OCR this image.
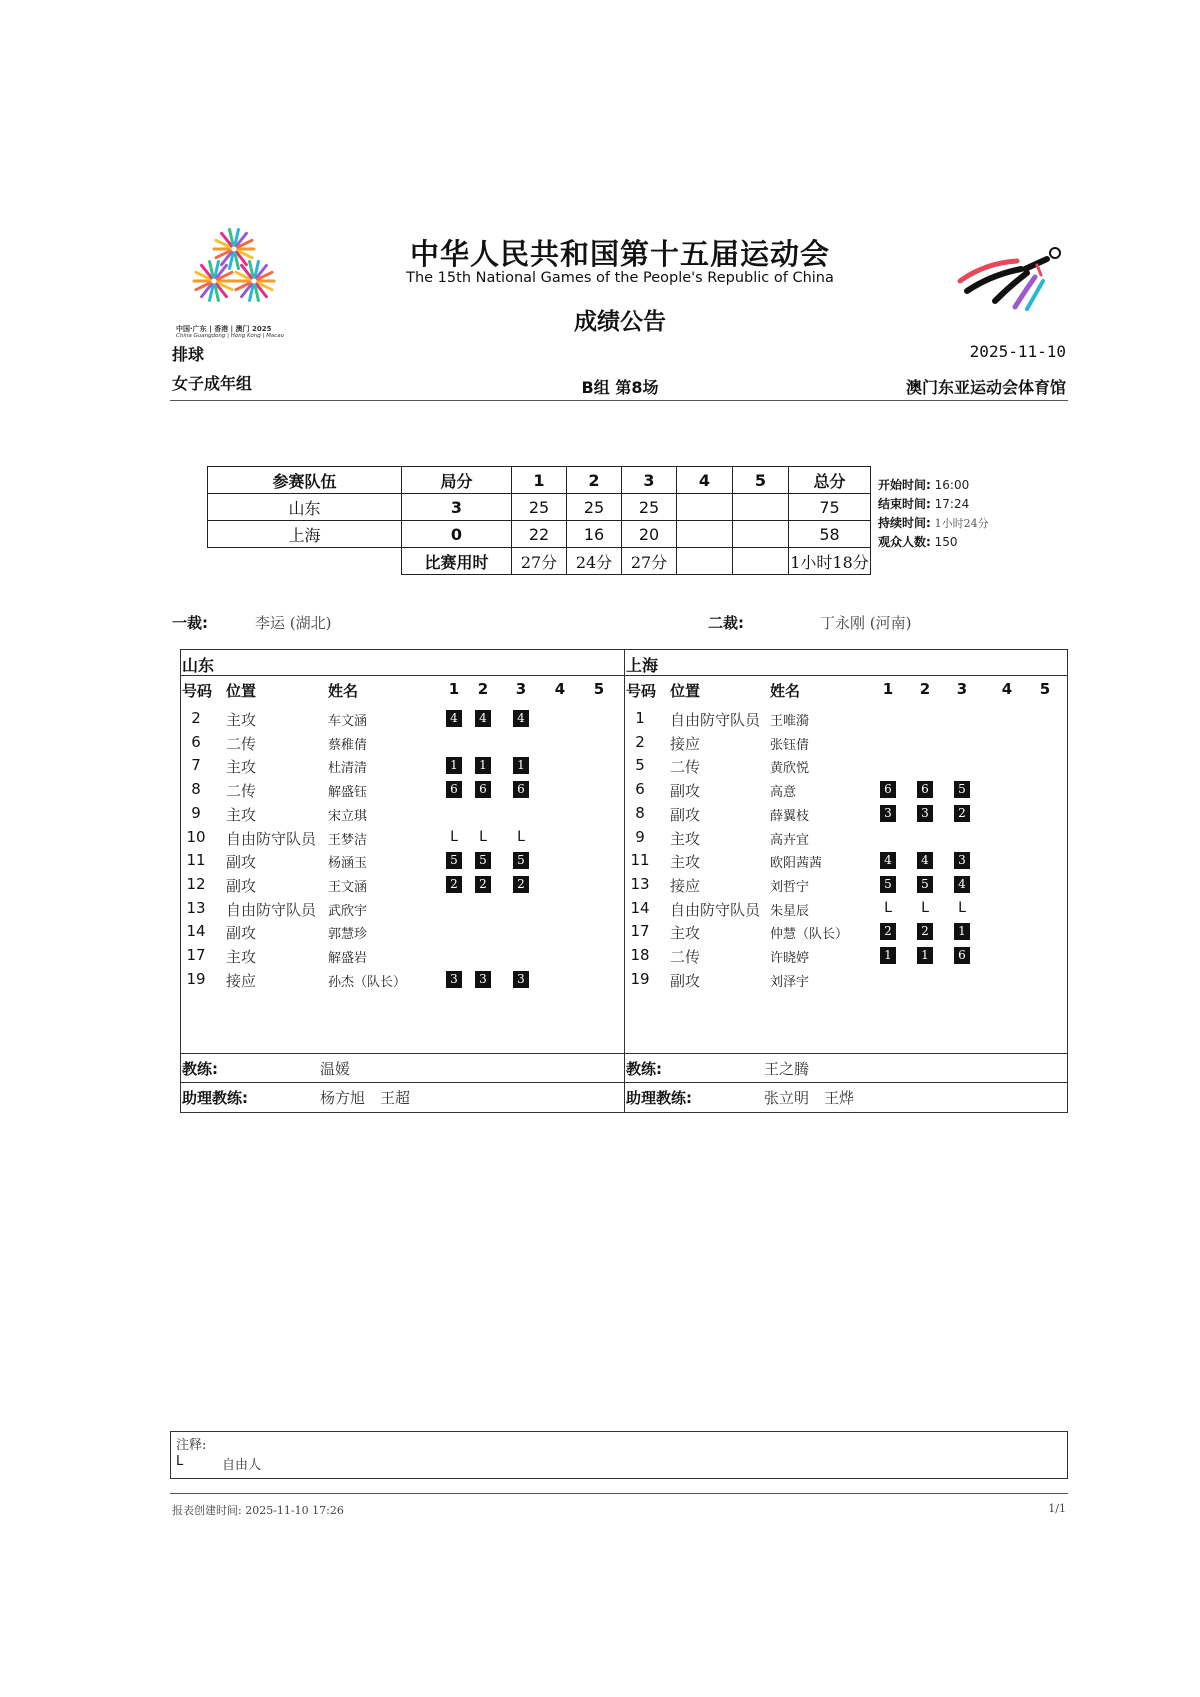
中国·广东 | 香港 | 澳门 2025
China Guangdong | Hong Kong | Macao
中华人民共和国第十五届运动会
The 15th National Games of the People's Republic of China
成绩公告
排球	2025-11-10
女子成年组	B组 第8场	澳门东亚运动会体育馆
参赛队伍	局分	1	2	3	4	5	总分
山东	3	25	25	25			75
上海	0	22	16	20			58
	比赛用时	27分	24分	27分			1小时18分
开始时间: 16:00
结束时间: 17:24
持续时间: 1小时24分
观众人数: 150
一裁:	李运 (湖北)	二裁:	丁永刚 (河南)
山东
号码 位置	姓名	1 2 3 4 5
2	主攻	车文涵	4	4	4
6	二传	蔡稚倩
7	主攻	杜清清	1	1	1
8	二传	解盛钰	6	6	6
9	主攻	宋立琪
10 自由防守队员 王梦洁	L L L
11 副攻	杨涵玉	5	5	5
12 副攻	王文涵	2	2	2
13 自由防守队员 武欣宇
14 副攻	郭慧珍
17 主攻	解盛岩
19 接应	孙杰（队长）	3	3	3
上海
号码 位置	姓名	1 2 3 4 5
1	自由防守队员 王唯漪
2	接应	张钰倩
5	二传	黄欣悦
6	副攻	高意	6	6	5
8	副攻	薛翼枝	3	3	2
9	主攻	高卉宜
11 主攻	欧阳茜茜	4	4	3
13 接应	刘哲宁	5	5	4
14 自由防守队员 朱星辰	L L L
17 主攻	仲慧（队长）	2	2	1
18 二传	许晓婷	1	1	6
19 副攻	刘泽宇
教练:	温媛
助理教练:	杨方旭　王超
教练:	王之腾
助理教练:	张立明　王烨
注释:
L	自由人
报表创建时间: 2025-11-10 17:26	1/1
